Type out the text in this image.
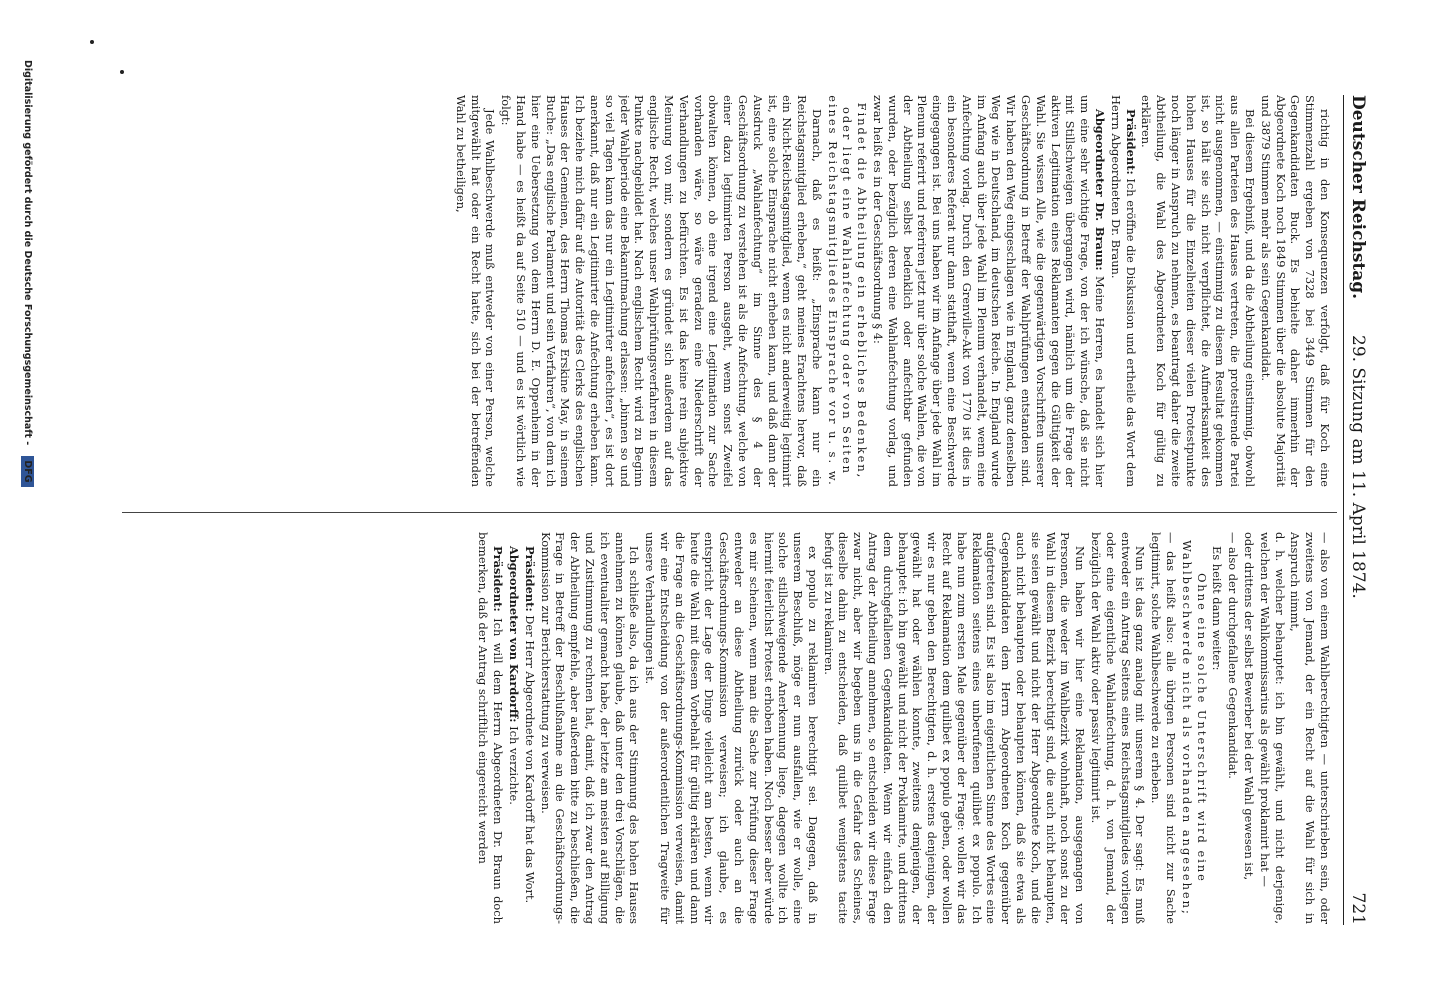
Deutscher Reichstag.
29. Sitzung am 11. April 1874.
721

richtig in den Konsequenzen verfolgt, daß für Koch eine Stimmenzahl ergeben von 7328 bei 3449 Stimmen für den Gegenkandidaten Buck. Es behielte daher immerhin der Abgeordnete Koch noch 1849 Stimmen über die absolute Majorität und 3879 Stimmen mehr als sein Gegenkandidat.

Bei diesem Ergebniß, und da die Abtheilung einstimmig, obwohl aus allen Parteien des Hauses vertreten, die protestirende Partei nicht ausgenommen, — einstimmig zu diesem Resultat gekommen ist, so hält sie sich nicht verpflichtet, die Aufmerksamkeit des hohen Hauses für die Einzelheiten dieser vielen Protestpunkte noch länger in Anspruch zu nehmen, es beantragt daher die zweite Abtheilung, die Wahl des Abgeordneten Koch für gültig zu erklären.

Präsident: Ich eröffne die Diskussion und ertheile das Wort dem Herrn Abgeordneten Dr. Braun.

Abgeordneter Dr. Braun: Meine Herren, es handelt sich hier um eine sehr wichtige Frage, von der ich wünsche, daß sie nicht mit Stillschweigen übergangen wird, nämlich um die Frage der aktiven Legitimation eines Reklamanten gegen die Gültigkeit der Wahl. Sie wissen Alle, wie die gegenwärtigen Vorschriften unserer Geschäftsordnung in Betreff der Wahlprüfungen entstanden sind. Wir haben den Weg eingeschlagen wie in England, ganz denselben Weg wie in Deutschland, im deutschen Reiche. In England wurde im Anfang auch über jede Wahl im Plenum verhandelt, wenn eine Anfechtung vorlag. Durch den Grenville-Akt von 1770 ist dies in ein besonderes Referat nur dann statthaft, wenn eine Beschwerde eingegangen ist. Bei uns haben wir im Anfange über jede Wahl im Plenum referirt und referiren jetzt nur über solche Wahlen, die von der Abtheilung selbst bedenklich oder anfechtbar gefunden wurden, oder bezüglich deren eine Wahlanfechtung vorlag, und zwar heißt es in der Geschäftsordnung § 4:

Findet die Abtheilung ein erhebliches Bedenken, oder liegt eine Wahlanfechtung oder von Seiten eines Reichstagsmitgliedes Einsprache vor u. s. w.

Darnach, daß es heißt: „Einsprache kann nur ein Reichstagsmitglied erheben,“ geht meines Erachtens hervor, daß ein Nicht-Reichstagsmitglied, wenn es nicht anderweitig legitimirt ist, eine solche Einsprache nicht erheben kann, und daß dann der Ausdruck „Wahlanfechtung“ im Sinne des § 4 der Geschäftsordnung zu verstehen ist als die Anfechtung, welche von einer dazu legitimirten Person ausgeht, wenn sonst Zweifel obwalten können, ob eine irgend eine Legitimation zur Sache vorhanden wäre, so wäre geradezu eine Niederschrift der Verhandlungen zu befürchten. Es ist das keine rein subjektive Meinung von mir, sondern es gründet sich außerdem auf das englische Recht, welches unser Wahlprüfungsverfahren in diesem Punkte nachgebildet hat. Nach englischem Recht wird zu Beginn jeder Wahlperiode eine Bekanntmachung erlassen: „binnen so und so viel Tagen kann das nur ein Legitimirter anfechten“, es ist dort anerkannt, daß nur ein Legitimirter die Anfechtung erheben kann. Ich beziehe mich dafür auf die Autorität des Clerks des englischen Hauses der Gemeinen, des Herrn Thomas Erskine May, in seinem Buche: „Das englische Parlament und sein Verfahren“, von dem ich hier eine Uebersetzung von dem Herrn D. E. Oppenheim in der Hand habe — es heißt da auf Seite 510 — und es ist wörtlich wie folgt:

Jede Wahlbeschwerde muß entweder von einer Person, welche mitgewählt hat oder ein Recht hatte, sich bei der betreffenden Wahl zu betheiligen,

— also von einem Wahlberechtigten — unterschrieben sein, oder zweitens von Jemand, der ein Recht auf die Wahl für sich in Anspruch nimmt,

d. h. welcher behauptet: ich bin gewählt, und nicht derjenige, welchen der Wahlkommissarius als gewählt proklamirt hat —

oder drittens der selbst Bewerber bei der Wahl gewesen ist,

— also der durchgefallene Gegenkandidat.

Es heißt dann weiter:

Ohne eine solche Unterschrift wird eine Wahlbeschwerde nicht als vorhanden angesehen;

— das heißt also: alle übrigen Personen sind nicht zur Sache legitimirt, solche Wahlbeschwerde zu erheben.

Nun ist das ganz analog mit unserem § 4. Der sagt: Es muß entweder ein Antrag Seitens eines Reichstagsmitgliedes vorliegen oder eine eigentliche Wahlanfechtung, d. h. von Jemand, der bezüglich der Wahl aktiv oder passiv legitimirt ist.

Nun haben wir hier eine Reklamation, ausgegangen von Personen, die weder im Wahlbezirk wohnhaft, noch sonst zu der Wahl in diesem Bezirk berechtigt sind, die auch nicht behaupten, sie seien gewählt und nicht der Herr Abgeordnete Koch, und die auch nicht behaupten oder behaupten können, daß sie etwa als Gegenkandidaten dem Herrn Abgeordneten Koch gegenüber aufgetreten sind. Es ist also im eigentlichen Sinne des Wortes eine Reklamation seitens eines unberufenen quilibet ex populo. Ich habe nun zum ersten Male gegenüber der Frage: wollen wir das Recht auf Reklamation dem quilibet ex populo geben, oder wollen wir es nur geben den Berechtigten, d. h. erstens denjenigen, der gewählt hat oder wählen konnte, zweitens demjenigen, der behauptet: ich bin gewählt und nicht der Proklamirte, und drittens dem durchgefallenen Gegenkandidaten. Wenn wir einfach den Antrag der Abtheilung annehmen, so entscheiden wir diese Frage zwar nicht, aber wir begeben uns in die Gefahr des Scheines, dieselbe dahin zu entscheiden, daß quilibet wenigstens tacite befugt ist zu reklamiren.

ex populo zu reklamiren berechtigt sei. Dagegen, daß in unserem Beschluß, möge er nun ausfallen, wie er wolle, eine solche stillschweigende Anerkennung liege, dagegen wollte ich hiermit feierlichst Protest erhoben haben. Noch besser aber würde es mir scheinen, wenn man die Sache zur Prüfung dieser Frage entweder an diese Abtheilung zurück oder auch an die Geschäftsordnungs-Kommission verweisen; ich glaube, es entspricht der Lage der Dinge vielleicht am besten, wenn wir heute die Wahl mit diesem Vorbehalt für gültig erklären und dann die Frage an die Geschäftsordnungs-Kommission verweisen, damit wir eine Entscheidung von der außerordentlichen Tragweite für unsere Verhandlungen ist.

Ich schließe also, da ich aus der Stimmung des hohen Hauses annehmen zu können glaube, daß unter den drei Vorschlägen, die ich eventualiter gemacht habe, der letzte am meisten auf Billigung und Zustimmung zu rechnen hat, damit, daß ich zwar den Antrag der Abtheilung empfehle, aber außerdem bitte zu beschließen, die Frage in Betreff der Beschlußnahme an die Geschäftsordnungs-Kommission zur Berichterstattung zu verweisen.

Präsident: Der Herr Abgeordnete von Kardorff hat das Wort.

Abgeordneter von Kardorff: Ich verzichte.

Präsident: Ich will dem Herrn Abgeordneten Dr. Braun doch bemerken, daß der Antrag schriftlich eingereicht werden

Digitalisierung gefördert durch die Deutsche Forschungsgemeinschaft - DFG
